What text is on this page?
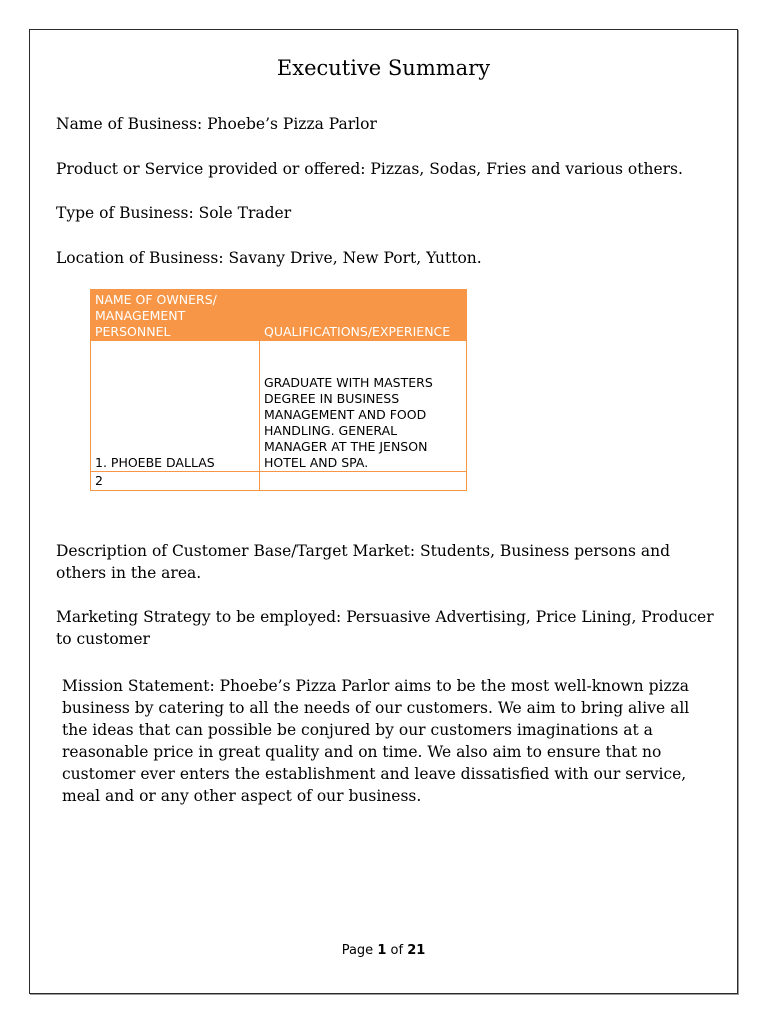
Executive Summary
Name of Business: Phoebe’s Pizza Parlor
Product or Service provided or offered: Pizzas, Sodas, Fries and various others.
Type of Business: Sole Trader
Location of Business: Savany Drive, New Port, Yutton.
NAME OF OWNERS/ MANAGEMENT PERSONNEL	QUALIFICATIONS/EXPERIENCE
1. PHOEBE DALLAS	GRADUATE WITH MASTERS DEGREE IN BUSINESS MANAGEMENT AND FOOD HANDLING. GENERAL MANAGER AT THE JENSON HOTEL AND SPA.
2	
Description of Customer Base/Target Market: Students, Business persons and others in the area.
Marketing Strategy to be employed: Persuasive Advertising, Price Lining, Producer to customer
Mission Statement: Phoebe’s Pizza Parlor aims to be the most well-known pizza business by catering to all the needs of our customers. We aim to bring alive all the ideas that can possible be conjured by our customers imaginations at a reasonable price in great quality and on time. We also aim to ensure that no customer ever enters the establishment and leave dissatisfied with our service, meal and or any other aspect of our business.
Page 1 of 21
